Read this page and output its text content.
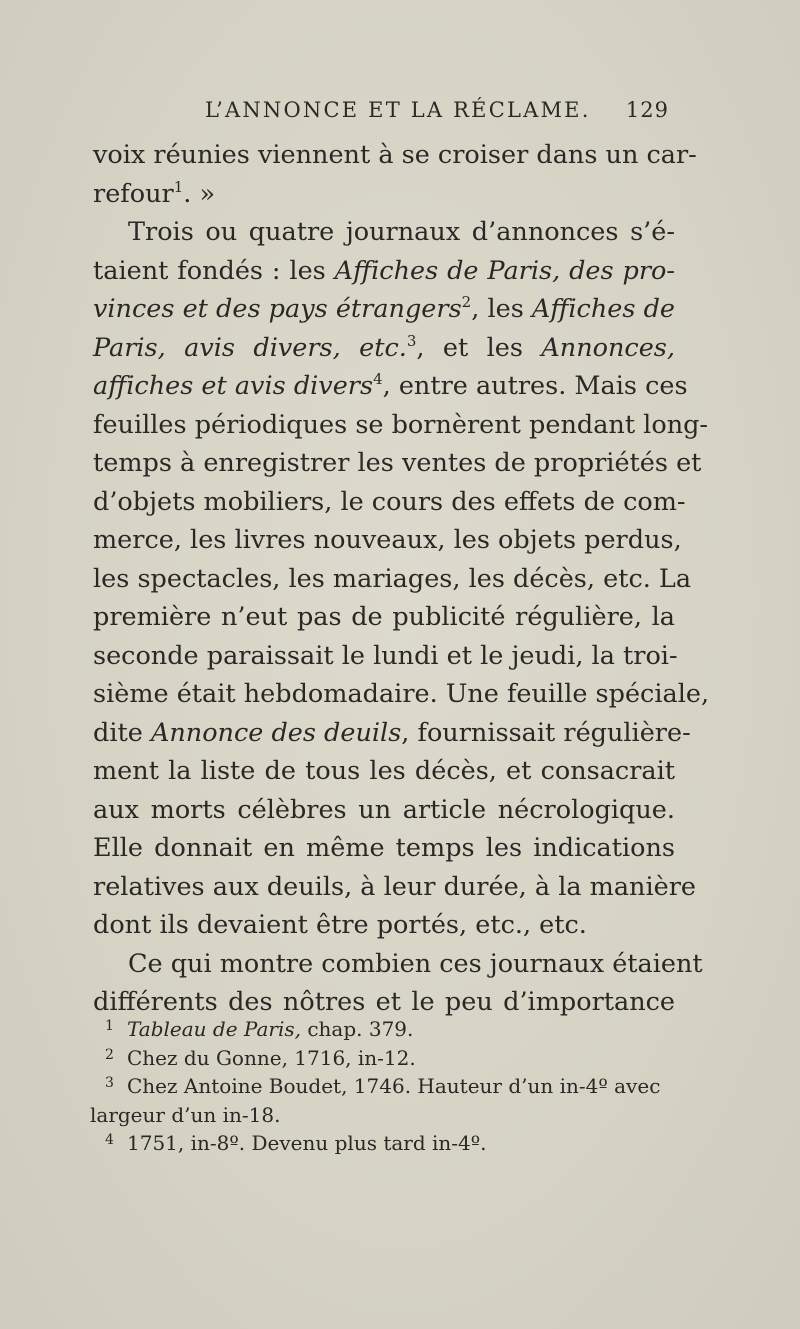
L’ANNONCE ET LA RÉCLAME. 129
voix réunies viennent à se croiser dans un car-
refour$^1$. »
Trois ou quatre journaux d’annonces s’é-
taient fondés : les Affiches de Paris, des pro-
vinces et des pays étrangers$^2$, les Affiches de
Paris, avis divers, etc.$^3$, et les Annonces,
affiches et avis divers$^4$, entre autres. Mais ces
feuilles périodiques se bornèrent pendant long-
temps à enregistrer les ventes de propriétés et
d’objets mobiliers, le cours des effets de com-
merce, les livres nouveaux, les objets perdus,
les spectacles, les mariages, les décès, etc. La
première n’eut pas de publicité régulière, la
seconde paraissait le lundi et le jeudi, la troi-
sième était hebdomadaire. Une feuille spéciale,
dite Annonce des deuils, fournissait régulière-
ment la liste de tous les décès, et consacrait
aux morts célèbres un article nécrologique.
Elle donnait en même temps les indications
relatives aux deuils, à leur durée, à la manière
dont ils devaient être portés, etc., etc.
Ce qui montre combien ces journaux étaient
différents des nôtres et le peu d’importance
1 Tableau de Paris, chap. 379.
2 Chez du Gonne, 1716, in-12.
3 Chez Antoine Boudet, 1746. Hauteur d’un in-4º avec
largeur d’un in-18.
4 1751, in-8º. Devenu plus tard in-4º.
